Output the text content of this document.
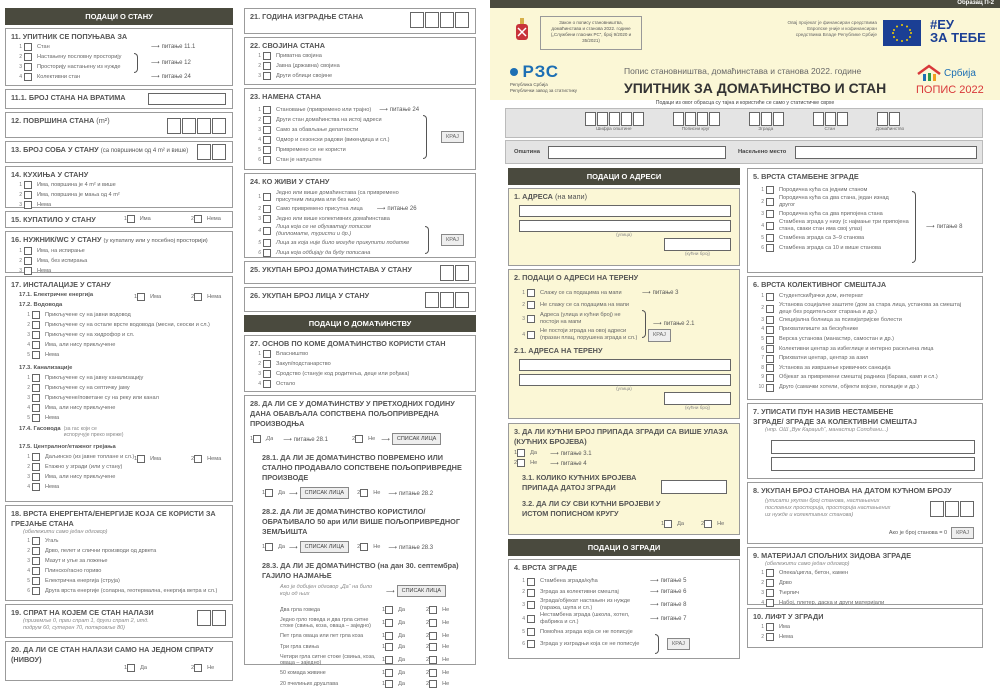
ПОДАЦИ О СТАНУ
11. УПИТНИК СЕ ПОПУЊАВА ЗА
1	Стан
2	Настањену пословну просторију
3	Просторију настањену из нужде
4	Колективни стан
⟶ питање 11.1
⟶ питање 12
⟶ питање 24
11.1. БРОЈ СТАНА НА ВРАТИМА
12. ПОВРШИНА СТАНА (m²)
13. БРОЈ СОБА У СТАНУ (са површином од 4 m² и више)
14. КУХИЊА У СТАНУ
1	Има, површина је 4 m² и више
2	Има, површина је мања од 4 m²
3	Нема
15. КУПАТИЛО У СТАНУ	1 Има	2 Нема
16. НУЖНИК/WC У СТАНУ (у купатилу или у посебној просторији)
1	Има, на испирање
2	Има, без испирања
3	Нема
17. ИНСТАЛАЦИЈЕ У СТАНУ
17.1. Електричне енергија	1 Има	2 Нема
17.2. Водовода
1	Прикључене су на јавни водовод
2	Прикључене су на остале врсте водовода (месни, сеоски и сл.)
3	Прикључене су на хидрофор и сл.
4	Има, али нису прикључене
5	Нема
17.3. Канализације
1	Прикључене су на јавну канализацију
2	Прикључене су на септичку јаму
3	Прикључене/поветане су на реку или канал
4	Има, али нису прикључене
5	Нема
17.4. Гасовода (за гас који се испоручује преко мреже)
1 Има	2 Нема
17.5. Централног/етажног грејања
1	Даљинско (из јавне топлане и сл.)
2	Етажно у згради (или у стану)
3	Има, али нису прикључене
4	Нема
18. ВРСТА ЕНЕРГЕНТА/ЕНЕРГИЈЕ КОЈА СЕ КОРИСТИ ЗА ГРЕЈАЊЕ СТАНА
(обележити само један одговор)
1	Угаљ
2	Дрво, пелет и слични производи од дрвета
3	Мазут и уље за ложење
4	Плинско/гасно гориво
5	Електрична енергија (струја)
6	Друга врста енергије (соларна, геотермална, енергија ветра и сл.)
19. СПРАТ НА КОЈЕМ СЕ СТАН НАЛАЗИ
(приземље 0, први спрат 1, други спрат 2, итд. подрум 60, сутерен 70, поткровље 80)
20. ДА ЛИ СЕ СТАН НАЛАЗИ САМО НА ЈЕДНОМ СПРАТУ (НИВОУ)
1 Да	2 Не
21. ГОДИНА ИЗГРАДЊЕ СТАНА
22. СВОЈИНА СТАНА
1	Приватна својина
2	Јавна (државна) својина
3	Други облици својине
23. НАМЕНА СТАНА
1	Становање (привремено или трајно) ⟶ питање 24
2	Други стан домаћинства на истој адреси
3	Само за обављање делатности
4	Одмор и сезонски радови (викендица и сл.)
5	Привремено се не користи
6	Стан је напуштен
КРАЈ
24. КО ЖИВИ У СТАНУ
1
Једно или више домаћинстава (са привремено присутним лицима или без њих)
2	Само привремено присутна лица ⟶ питање 26
3	Једно или више колективних домаћинстава
4
Лица која се не обухватају пописом (дипломате, туристи и др.)
5	Лица за која није било могуће прикупити податке
6	Лица која одбијају да буду пописана
КРАЈ
25. УКУПАН БРОЈ ДОМАЋИНСТАВА У СТАНУ
26. УКУПАН БРОЈ ЛИЦА У СТАНУ
ПОДАЦИ О ДОМАЋИНСТВУ
27. ОСНОВ ПО КОМЕ ДОМАЋИНСТВО КОРИСТИ СТАН
1	Власништво
2	Закуп/подстанарство
3	Сродство (станује код родитеља, деце или рођака)
4	Остало
28. ДА ЛИ СЕ У ДОМАЋИНСТВУ У ПРЕТХОДНИХ ГОДИНУ ДАНА ОБАВЉАЛА СОПСТВЕНА ПОЉОПРИВРЕДНА ПРОИЗВОДЊА
1 Да ⟶ питање 28.1	2 Не ⟶	СПИСАК ЛИЦА
28.1. ДА ЛИ ЈЕ ДОМАЋИНСТВО ПОВРЕМЕНО ИЛИ СТАЛНО ПРОДАВАЛО СОПСТВЕНЕ ПОЉОПРИВРЕДНЕ ПРОИЗВОДЕ
1 Да ⟶	СПИСАК ЛИЦА	2 Не ⟶ питање 28.2
28.2. ДА ЛИ ЈЕ ДОМАЋИНСТВО КОРИСТИЛО/ОБРАЂИВАЛО 50 ари ИЛИ ВИШЕ ПОЉОПРИВРЕДНОГ ЗЕМЉИШТА
1 Да ⟶	СПИСАК ЛИЦА	2 Не ⟶ питање 28.3
28.3. ДА ЛИ ЈЕ ДОМАЋИНСТВО (на дан 30. септембра) ГАЈИЛО НАЈМАЊЕ
Ако је добијен одговор „Да“ на било који од њих	⟶	СПИСАК ЛИЦА
Два грла говеда	1 Да	2 Не
Једно грло говеда и два грла ситне стоке (свиња, коза, оваца – заједно)	1 Да	2 Не
Пет грла оваца или пет грла коза	1 Да	2 Не
Три грла свиња	1 Да	2 Не
Четири грла ситне стоке (свиња, коза, оваца – заједно)	1 Да	2 Не
50 комада живине	1 Да	2 Не
20 пчелињих друштава	1 Да	2 Не
Образац П-2
Закон о попису становништва, домаћинстава и станова 2022. године („Службени гласник РС“, број 9/2020 и 35/2021)
РЗС
Република Србија
Републички завод за статистику
Попис становништва, домаћинстава и станова 2022. године
УПИТНИК ЗА ДОМАЋИНСТВО И СТАН
Овај пројекат је финансиран средствима Европске уније и кофинансиран средствима Владе Републике Србије
#ЕУ
ЗА ТЕБЕ
Србија
ПОПИС 2022
Подаци из овог обрасца су тајна и користиће се само у статистичке сврхе
Шифра општине	Пописни круг	Зграда	Стан	Домаћинство
Општина	Насељено место
ПОДАЦИ О АДРЕСИ
1. АДРЕСА (на мапи)
(улица)
(кућни број)
2. ПОДАЦИ О АДРЕСИ НА ТЕРЕНУ
1	Слажу се са подацима на мапи	⟶ питање 3
2	Не слажу се са подацима на мапи
3
Адреса (улица и кућни број) не постоји на мапи
4
Не постоји зграда на овој адреси (празан плац, порушена зграда и сл.)
КРАЈ
⟶ питање 2.1
2.1. АДРЕСА НА ТЕРЕНУ
(улица)
(кућни број)
3. ДА ЛИ КУЋНИ БРОЈ ПРИПАДА ЗГРАДИ СА ВИШЕ УЛАЗА (КУЋНИХ БРОЈЕВА)
1 Да	⟶ питање 3.1
2 Не	⟶ питање 4
3.1. КОЛИКО КУЋНИХ БРОЈЕВА ПРИПАДА ДАТОЈ ЗГРАДИ
3.2. ДА ЛИ СУ СВИ КУЋНИ БРОЈЕВИ У ИСТОМ ПОПИСНОМ КРУГУ
1 Да	2 Не
ПОДАЦИ О ЗГРАДИ
4. ВРСТА ЗГРАДЕ
1	Стамбена зграда/кућа	⟶ питање 5
2	Зграда за колективни смештај	⟶ питање 6
3
Зграда/објекат настањен из нужде (гаража, шупа и сл.)
⟶ питање 8
4
Нестамбена зграда (школа, хотел, фабрика и сл.)
⟶ питање 7
5	Помоћна зграда која се не пописује
6	Зграда у изградњи која се не пописује	КРАЈ
5. ВРСТА СТАМБЕНЕ ЗГРАДЕ
1	Породична кућа са једним станом
2
Породична кућа са два стана, један изнад другог
3	Породична кућа са два припојена стана
4
Стамбена зграда у низу (с најмање три припојена стана, сваки стан има свој улаз)
5	Стамбена зграда са 3–9 станова
6	Стамбена зграда са 10 и више станова
⟶ питање 8
6. ВРСТА КОЛЕКТИВНОГ СМЕШТАЈА
1	Студентски/ђачки дом, интернат
2
Установа социјалне заштите (дом за стара лица, установа за смештај деце без родитељског старања и др.)
3	Специјална болница за психијатријске болести
4	Прихватилиште за бескућнике
5	Верска установа (манастир, самостан и др.)
6	Колективни центар за избеглице и интерно расељена лица
7	Прихватни центар, центар за азил
8	Установа за извршење кривичних санкција
9	Објекат за привремени смештај радника (баракa, камп и сл.)
10	Друго (самачки хотели, објекти војске, полиције и др.)
7. УПИСАТИ ПУН НАЗИВ НЕСТАМБЕНЕ ЗГРАДЕ/ ЗГРАДЕ ЗА КОЛЕКТИВНИ СМЕШТАЈ
(нпр. ОШ „Вук Караџић“, манастир Сопоћани...)
8. УКУПАН БРОЈ СТАНОВА НА ДАТОМ КУЋНОМ БРОЈУ
(уписати укупан број станова, настањених пословних просторија, просторија настањених из нужде и колективних станова)
Ако је број станова = 0	КРАЈ
9. МАТЕРИЈАЛ СПОЉНИХ ЗИДОВА ЗГРАДЕ
(обележити само један одговор)
1	Опека/цигла, бетон, камен
2	Дрво
3	Ћерпич
4	Набој, плетер, даска и други материјали
10. ЛИФТ У ЗГРАДИ
1	Има
2	Нема
